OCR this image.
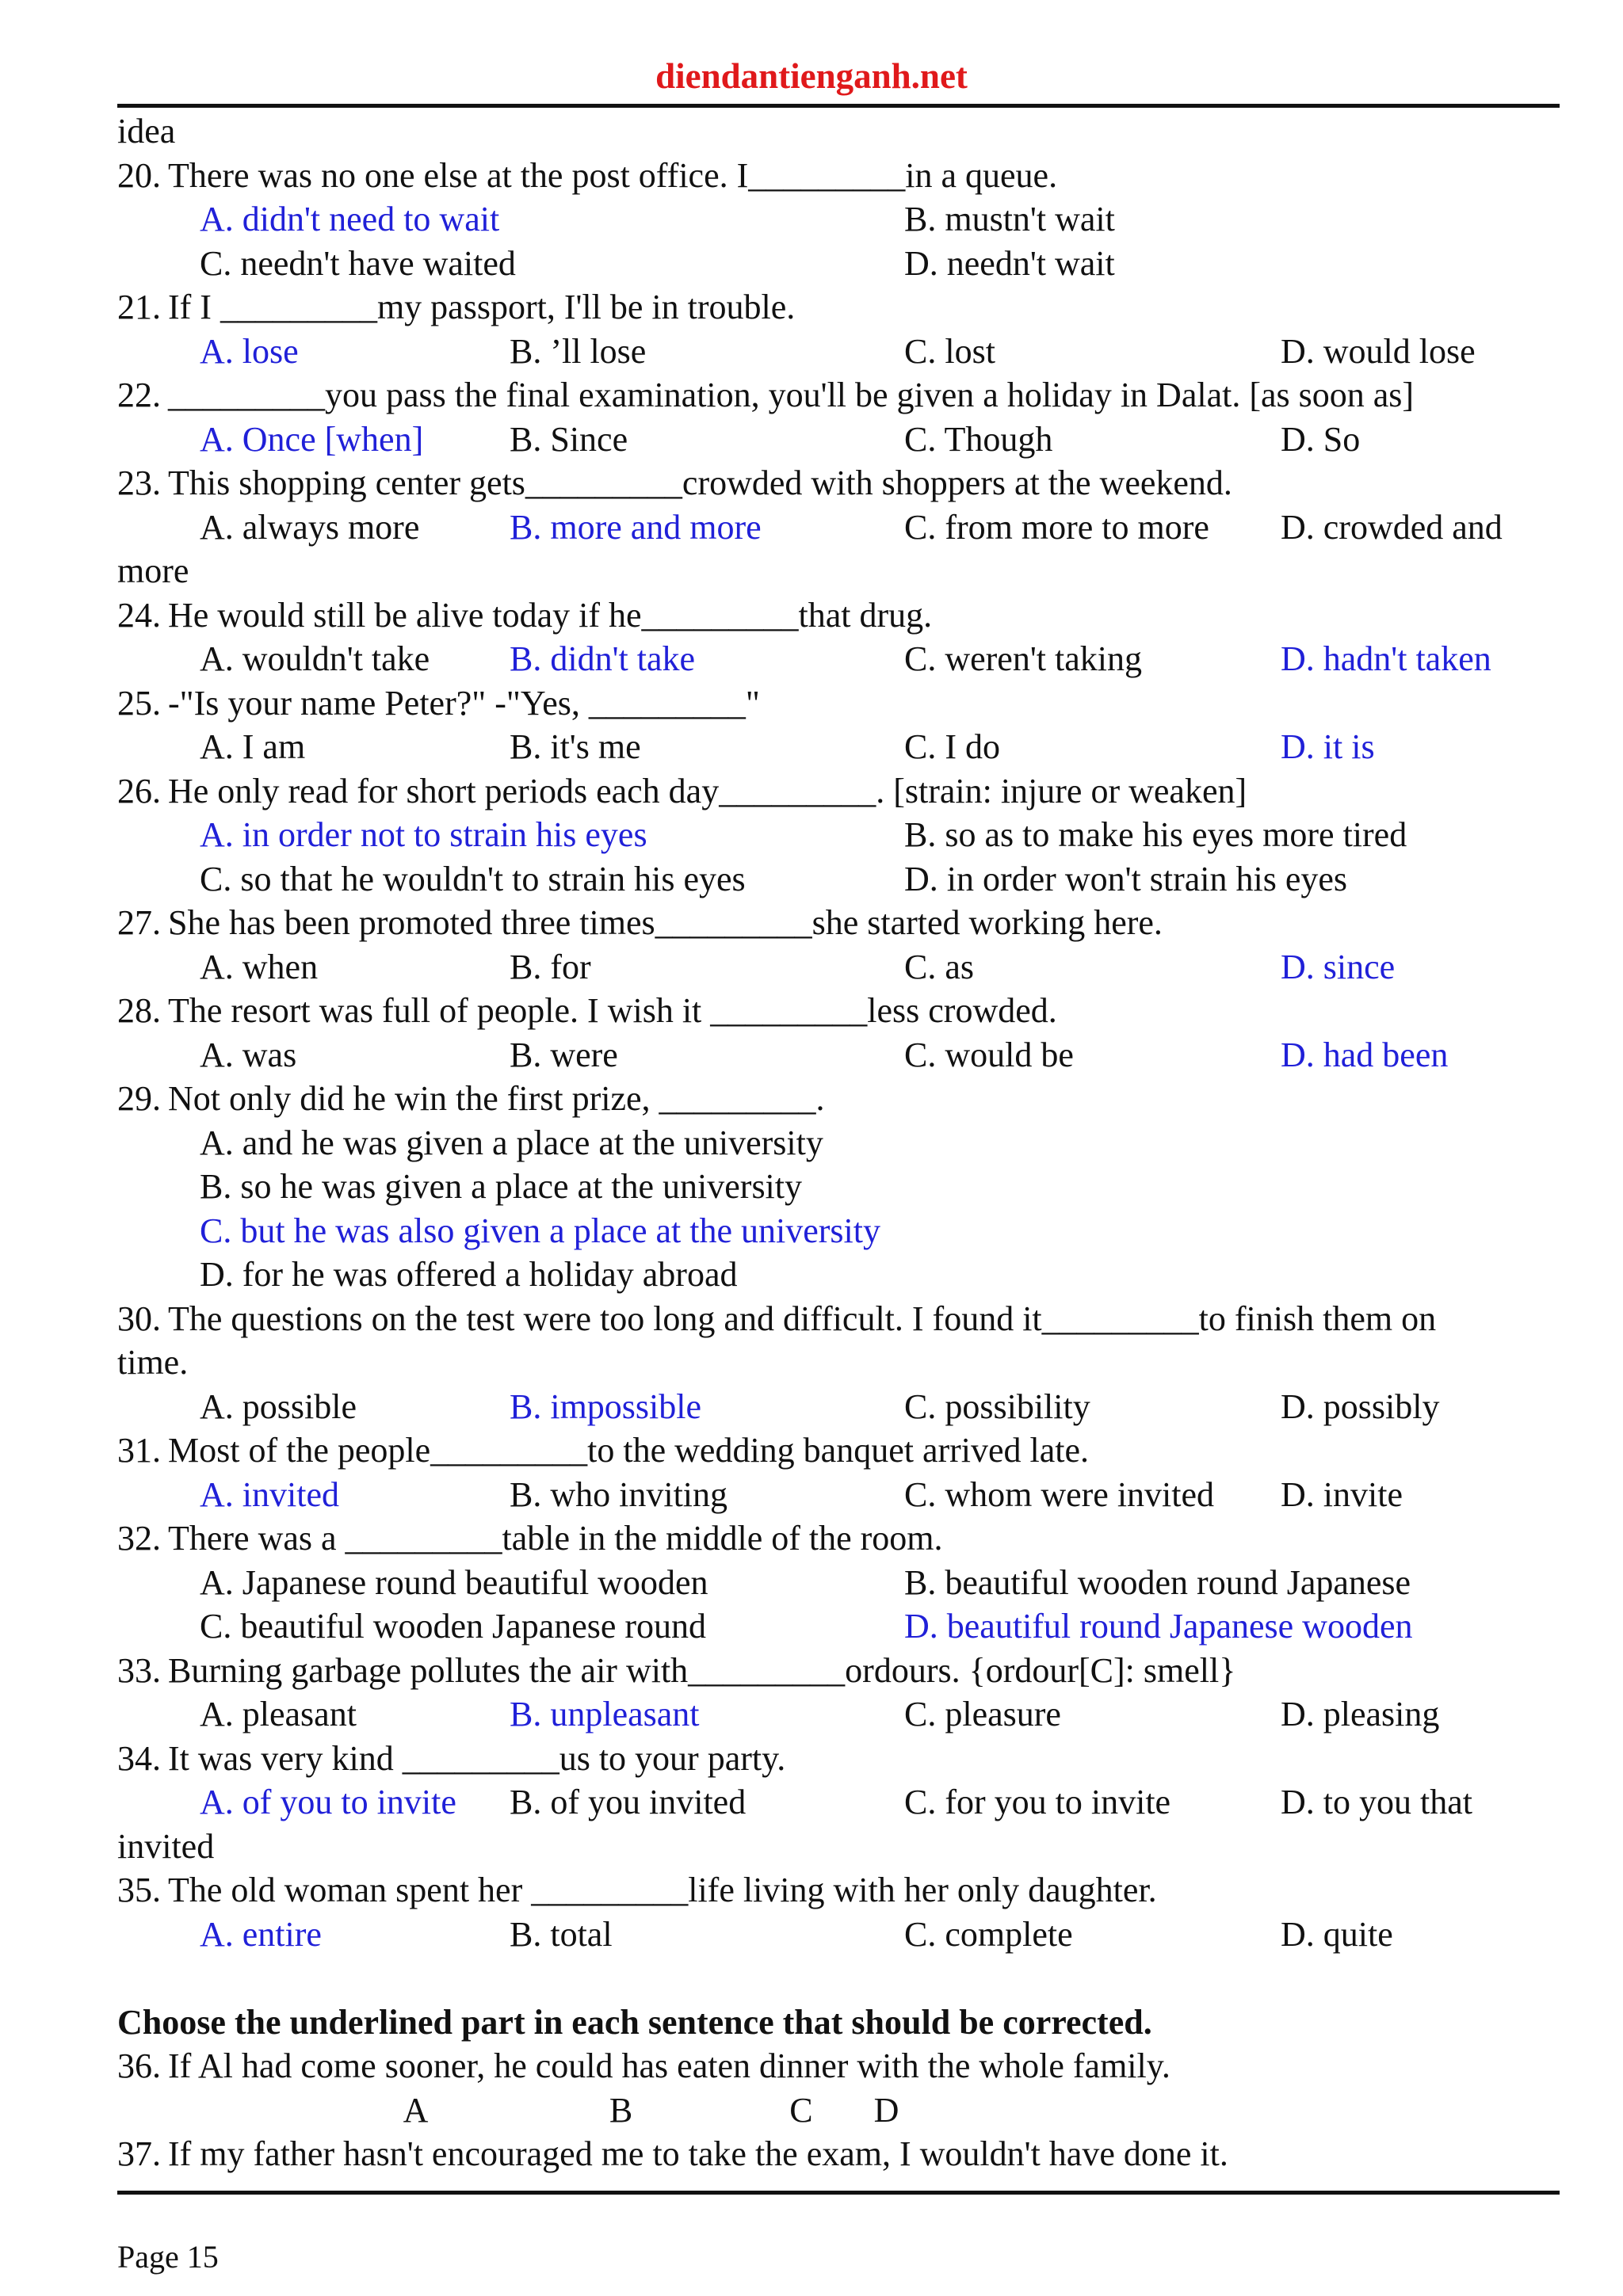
diendantienganh.net
idea
20. There was no one else at the post office. I_________in a queue.
A. didn't need to wait	B. mustn't wait
C. needn't have waited	D. needn't wait
21. If I _________my passport, I'll be in trouble.
A. lose	B. ’ll lose	C. lost	D. would lose
22. _________you pass the final examination, you'll be given a holiday in Dalat. [as soon as]
A. Once [when] B. Since	C. Though	D. So
23. This shopping center gets_________crowded with shoppers at the weekend.
A. always more	B. more and more	C. from more to more D. crowded and
more
24. He would still be alive today if he_________that drug.
A. wouldn't take B. didn't take	C. weren't taking	D. hadn't taken
25. -"Is your name Peter?" -"Yes, _________"
A. I am	B. it's me	C. I do	D. it is
26. He only read for short periods each day_________. [strain: injure or weaken]
A. in order not to strain his eyes	B. so as to make his eyes more tired
C. so that he wouldn't to strain his eyes	D. in order won't strain his eyes
27. She has been promoted three times_________she started working here.
A. when	B. for	C. as	D. since
28. The resort was full of people. I wish it _________less crowded.
A. was	B. were	C. would be	D. had been
29. Not only did he win the first prize, _________.
A. and he was given a place at the university
B. so he was given a place at the university
C. but he was also given a place at the university
D. for he was offered a holiday abroad
30. The questions on the test were too long and difficult. I found it_________to finish them on
time.
A. possible	B. impossible	C. possibility	D. possibly
31. Most of the people_________to the wedding banquet arrived late.
A. invited	B. who inviting	C. whom were invited D. invite
32. There was a _________table in the middle of the room.
A. Japanese round beautiful wooden	B. beautiful wooden round Japanese
C. beautiful wooden Japanese round	D. beautiful round Japanese wooden
33. Burning garbage pollutes the air with_________ordours. {ordour[C]: smell}
A. pleasant	B. unpleasant	C. pleasure	D. pleasing
34. It was very kind _________us to your party.
A. of you to invite B. of you invited	C. for you to invite	D. to you that
invited
35. The old woman spent her _________life living with her only daughter.
A. entire	B. total	C. complete	D. quite
Choose the underlined part in each sentence that should be corrected.
36. If Al had come sooner, he could has eaten dinner with the whole family.
A                     B                  C       D
37. If my father hasn't encouraged me to take the exam, I wouldn't have done it.
Page 15
